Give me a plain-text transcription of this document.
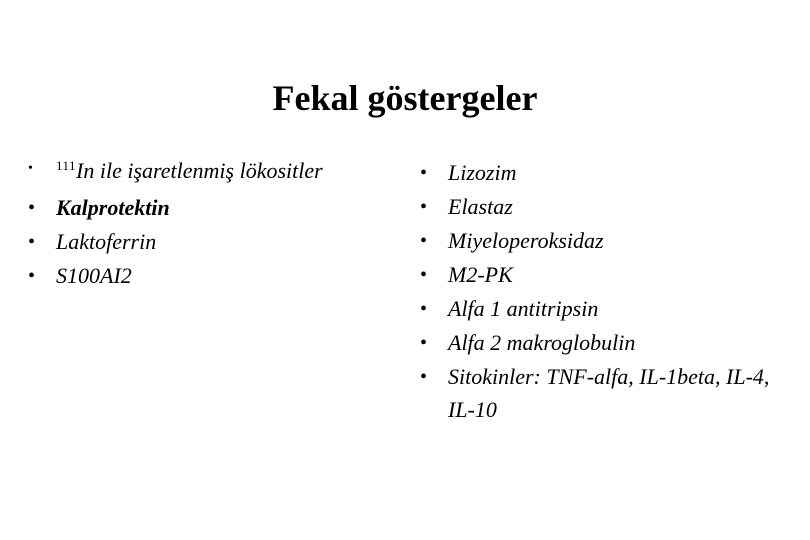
Fekal göstergeler
• $^{111}$In ile işaretlenmiş lökositler
• Kalprotektin
• Laktoferrin
• S100AI2
• Lizozim
• Elastaz
• Miyeloperoksidaz
• M2-PK
• Alfa 1 antitripsin
• Alfa 2 makroglobulin
• Sitokinler: TNF-alfa, IL-1beta, IL-4, IL-10
